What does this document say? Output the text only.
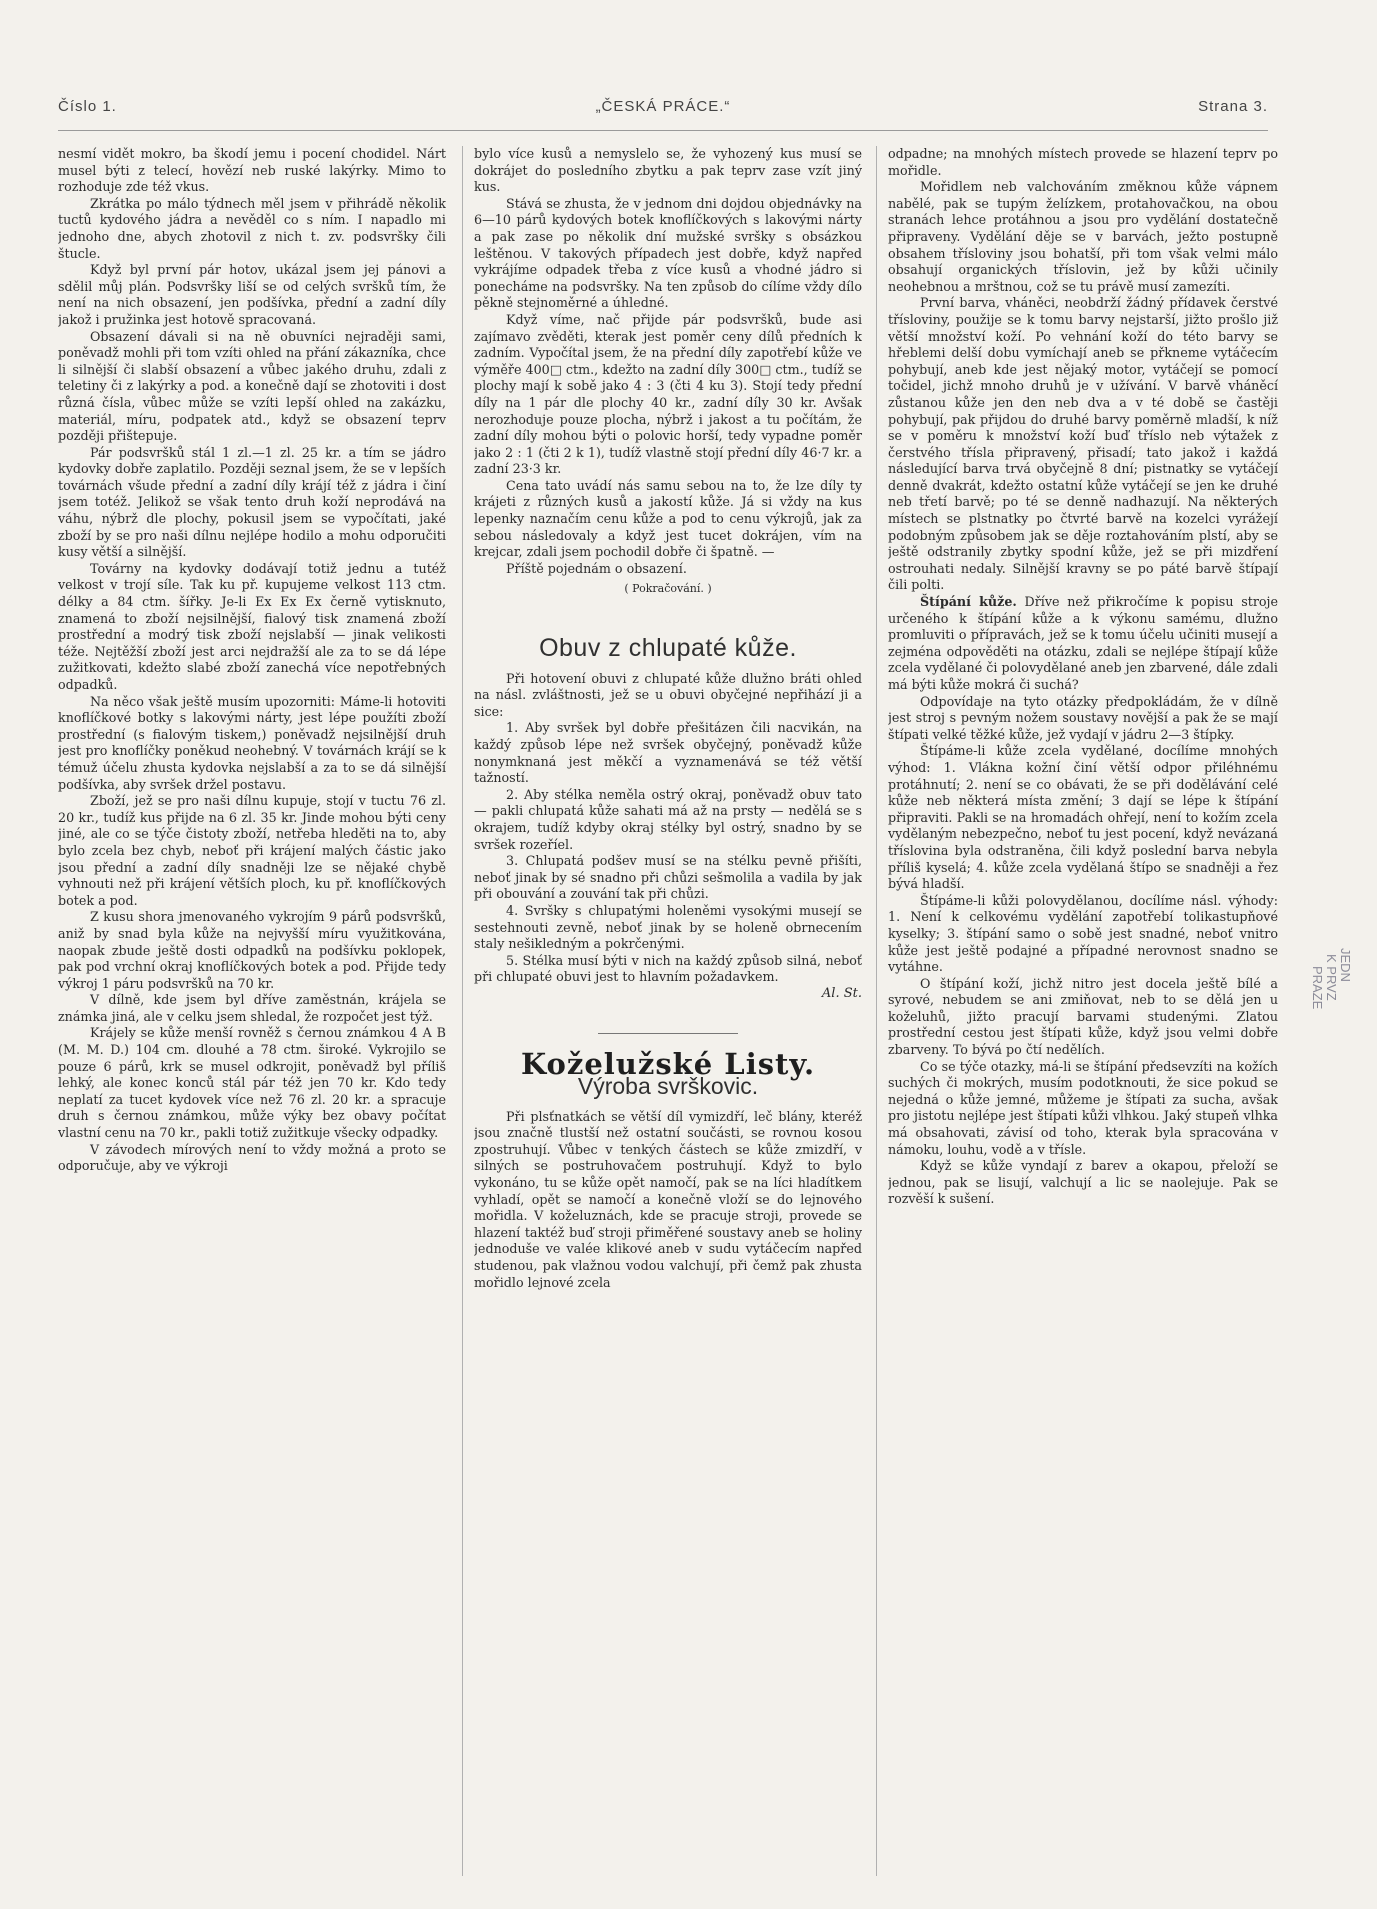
Číslo 1.	„ČESKÁ PRÁCE.“	Strana 3.

nesmí vidět mokro, ba škodí jemu i pocení chodidel. Nárt musel býti z telecí, hovězí neb ruské lakýrky. Mimo to rozhoduje zde též vkus.

Zkrátka po málo týdnech měl jsem v přihrádě několik tuctů kydového jádra a nevěděl co s ním. I napadlo mi jednoho dne, abych zhotovil z nich t. zv. podsvršky čili štucle.

Když byl první pár hotov, ukázal jsem jej pánovi a sdělil můj plán. Podsvršky liší se od celých svršků tím, že není na nich obsazení, jen podšívka, přední a zadní díly jakož i pružinka jest hotově spracovaná.

Obsazení dávali si na ně obuvníci nejraději sami, poněvadž mohli při tom vzíti ohled na přání zákazníka, chce li silnější či slabší obsazení a vůbec jakého druhu, zdali z teletiny či z lakýrky a pod. a konečně dají se zhotoviti i dost různá čísla, vůbec může se vzíti lepší ohled na zakázku, materiál, míru, podpatek atd., když se obsazení teprv později přištepuje.

Pár podsvršků stál 1 zl.—1 zl. 25 kr. a tím se jádro kydovky dobře zaplatilo. Později seznal jsem, že se v lepších továrnách všude přední a zadní díly krájí též z jádra i činí jsem totéž. Jelikož se však tento druh koží neprodává na váhu, nýbrž dle plochy, pokusil jsem se vypočítati, jaké zboží by se pro naši dílnu nejlépe hodilo a mohu odporučiti kusy větší a silnější.

Továrny na kydovky dodávají totiž jednu a tutéž velkost v trojí síle. Tak ku př. kupujeme velkost 113 ctm. délky a 84 ctm. šířky. Je-li Ex Ex Ex černě vytisknuto, znamená to zboží nejsilnější, fialový tisk znamená zboží prostřední a modrý tisk zboží nejslabší — jinak velikosti téže. Nejtěžší zboží jest arci nejdražší ale za to se dá lépe zužitkovati, kdežto slabé zboží zanechá více nepotřebných odpadků.

Na něco však ještě musím upozorniti: Máme-li hotoviti knoflíčkové botky s lakovými nárty, jest lépe použíti zboží prostřední (s fialovým tiskem,) poněvadž nejsilnější druh jest pro knoflíčky poněkud neohebný. V továrnách krájí se k témuž účelu zhusta kydovka nejslabší a za to se dá silnější podšívka, aby svršek držel postavu.

Zboží, jež se pro naši dílnu kupuje, stojí v tuctu 76 zl. 20 kr., tudíž kus přijde na 6 zl. 35 kr. Jinde mohou býti ceny jiné, ale co se týče čistoty zboží, netřeba hleděti na to, aby bylo zcela bez chyb, neboť při krájení malých částic jako jsou přední a zadní díly snadněji lze se nějaké chybě vyhnouti než při krájení větších ploch, ku př. knoflíčkových botek a pod.

Z kusu shora jmenovaného vykrojím 9 párů podsvršků, aniž by snad byla kůže na nejvyšší míru využitkována, naopak zbude ještě dosti odpadků na podšívku poklopek, pak pod vrchní okraj knoflíčkových botek a pod. Přijde tedy výkroj 1 páru podsvršků na 70 kr.

V dílně, kde jsem byl dříve zaměstnán, krájela se známka jiná, ale v celku jsem shledal, že rozpočet jest týž.

Krájely se kůže menší rovněž s černou známkou 4 A B (M. M. D.) 104 cm. dlouhé a 78 ctm. široké. Vykrojilo se pouze 6 párů, krk se musel odkrojit, poněvadž byl příliš lehký, ale konec konců stál pár též jen 70 kr. Kdo tedy neplatí za tucet kydovek více než 76 zl. 20 kr. a spracuje druh s černou známkou, může výky bez obavy počítat vlastní cenu na 70 kr., pakli totiž zužitkuje všecky odpadky.

V závodech mírových není to vždy možná a proto se odporučuje, aby ve výkroji

bylo více kusů a nemyslelo se, že vyhozený kus musí se dokrájet do posledního zbytku a pak teprv zase vzít jiný kus.

Stává se zhusta, že v jednom dni dojdou objednávky na 6—10 párů kydových botek knoflíčkových s lakovými nárty a pak zase po několik dní mužské svršky s obsázkou leštěnou. V takových případech jest dobře, když napřed vykrájíme odpadek třeba z více kusů a vhodné jádro si ponecháme na podsvršky. Na ten způsob do cílíme vždy dílo pěkně stejnoměrné a úhledné.

Když víme, nač přijde pár podsvršků, bude asi zajímavo zvěděti, kterak jest poměr ceny dílů předních k zadním. Vypočítal jsem, že na přední díly zapotřebí kůže ve výměře 400□ ctm., kdežto na zadní díly 300□ ctm., tudíž se plochy mají k sobě jako 4 : 3 (čti 4 ku 3). Stojí tedy přední díly na 1 pár dle plochy 40 kr., zadní díly 30 kr. Avšak nerozhoduje pouze plocha, nýbrž i jakost a tu počítám, že zadní díly mohou býti o polovic horší, tedy vypadne poměr jako 2 : 1 (čti 2 k 1), tudíž vlastně stojí přední díly 46·7 kr. a zadní 23·3 kr.

Cena tato uvádí nás samu sebou na to, že lze díly ty krájeti z různých kusů a jakostí kůže. Já si vždy na kus lepenky naznačím cenu kůže a pod to cenu výkrojů, jak za sebou následovaly a když jest tucet dokrájen, vím na krejcar, zdali jsem pochodil dobře či špatně. —

Příště pojednám o obsazení.

( Pokračování. )
Obuv z chlupaté kůže.

Při hotovení obuvi z chlupaté kůže dlužno bráti ohled na násl. zvláštnosti, jež se u obuvi obyčejné nepřihází ji a sice:

1. Aby svršek byl dobře přešitázen čili nacvikán, na každý způsob lépe než svršek obyčejný, poněvadž kůže nonymknaná jest měkčí a vyznamenává se též větší tažností.

2. Aby stélka neměla ostrý okraj, poněvadž obuv tato — pakli chlupatá kůže sahati má až na prsty — nedělá se s okrajem, tudíž kdyby okraj stélky byl ostrý, snadno by se svršek rozeříel.

3. Chlupatá podšev musí se na stélku pevně přišíti, neboť jinak by sé snadno při chůzi sešmolila a vadila by jak při obouvání a zouvání tak při chůzi.

4. Svršky s chlupatými holeněmi vysokými musejí se sestehnouti zevně, neboť jinak by se holeně obrnecením staly nešikledným a pokrčenými.

5. Stélka musí býti v nich na každý způsob silná, neboť při chlupaté obuvi jest to hlavním požadavkem.

Al. St.
Koželužské Listy.
Výroba svrškovic.

Při plsťnatkách se větší díl vymizdří, leč blány, kteréž jsou značně tlustší než ostatní součásti, se rovnou kosou zpostruhují. Vůbec v tenkých částech se kůže zmizdří, v silných se postruhovačem postruhují. Když to bylo vykonáno, tu se kůže opět namočí, pak se na líci hladítkem vyhladí, opět se namočí a konečně vloží se do lejnového mořidla. V koželuznách, kde se pracuje stroji, provede se hlazení taktéž buď stroji přiměřené soustavy aneb se holiny jednoduše ve valée klikové aneb v sudu vytáčecím napřed studenou, pak vlažnou vodou valchují, při čemž pak zhusta mořidlo lejnové zcela

odpadne; na mnohých místech provede se hlazení teprv po mořidle.

Mořidlem neb valchováním změknou kůže vápnem nabělé, pak se tupým želízkem, protahovačkou, na obou stranách lehce protáhnou a jsou pro vydělání dostatečně připraveny. Vydělání děje se v barvách, ježto postupně obsahem třísloviny jsou bohatší, při tom však velmi málo obsahují organických tříslovin, jež by kůži učinily neohebnou a mrštnou, což se tu právě musí zamezíti.

První barva, vháněci, neobdrží žádný přídavek čerstvé třísloviny, použije se k tomu barvy nejstarší, jižto prošlo již větší množství koží. Po vehnání koží do této barvy se hřeblemi delší dobu vymíchají aneb se přkneme vytáčecím pohybují, aneb kde jest nějaký motor, vytáčejí se pomocí točidel, jichž mnoho druhů je v užívání. V barvě vháněcí zůstanou kůže jen den neb dva a v té době se častěji pohybují, pak přijdou do druhé barvy poměrně mladší, k níž se v poměru k množství koží buď tříslo neb výtažek z čerstvého třísla připravený, přisadí; tato jakož i každá následující barva trvá obyčejně 8 dní; pistnatky se vytáčejí denně dvakrát, kdežto ostatní kůže vytáčejí se jen ke druhé neb třetí barvě; po té se denně nadhazují. Na některých místech se plstnatky po čtvrté barvě na kozelci vyrážejí podobným způsobem jak se děje roztahováním plstí, aby se ještě odstranily zbytky spodní kůže, jež se při mizdření ostrouhati nedaly. Silnější kravny se po páté barvě štípají čili polti.

Štípání kůže. Dříve než přikročíme k popisu stroje určeného k štípání kůže a k výkonu samému, dlužno promluviti o přípravách, jež se k tomu účelu učiniti musejí a zejména odpověděti na otázku, zdali se nejlépe štípají kůže zcela vydělané či polovydělané aneb jen zbarvené, dále zdali má býti kůže mokrá či suchá?

Odpovídaje na tyto otázky předpokládám, že v dílně jest stroj s pevným nožem soustavy novější a pak že se mají štípati velké těžké kůže, jež vydají v jádru 2—3 štípky.

Štípáme-li kůže zcela vydělané, docílíme mnohých výhod: 1. Vlákna kožní činí větší odpor přiléhnému protáhnutí; 2. není se co obávati, že se při dodělávání celé kůže neb některá místa změní; 3 dají se lépe k štípání připraviti. Pakli se na hromadách ohřejí, není to kožím zcela vydělaným nebezpečno, neboť tu jest pocení, když nevázaná tříslovina byla odstraněna, čili když poslední barva nebyla příliš kyselá; 4. kůže zcela vydělaná štípo se snadněji a řez bývá hladší.

Štípáme-li kůži polovydělanou, docílíme násl. výhody: 1. Není k celkovému vydělání zapotřebí tolikastupňové kyselky; 3. štípání samo o sobě jest snadné, neboť vnitro kůže jest ještě podajné a případné nerovnost snadno se vytáhne.

O štípání koží, jichž nitro jest docela ještě bílé a syrové, nebudem se ani zmiňovat, neb to se dělá jen u koželuhů, jižto pracují barvami studenými. Zlatou prostřední cestou jest štípati kůže, když jsou velmi dobře zbarveny. To bývá po čtí nedělích.

Co se týče otazky, má-li se štípání předsevzíti na kožích suchých či mokrých, musím podotknouti, že sice pokud se nejedná o kůže jemné, můžeme je štípati za sucha, avšak pro jistotu nejlépe jest štípati kůži vlhkou. Jaký stupeň vlhka má obsahovati, závisí od toho, kterak byla spracována v námoku, louhu, vodě a v třísle.

Když se kůže vyndají z barev a okapou, přeloží se jednou, pak se lisují, valchují a lic se naolejuje. Pak se rozvěší k sušení.

JEDN
K PRVZ
PRAZE
